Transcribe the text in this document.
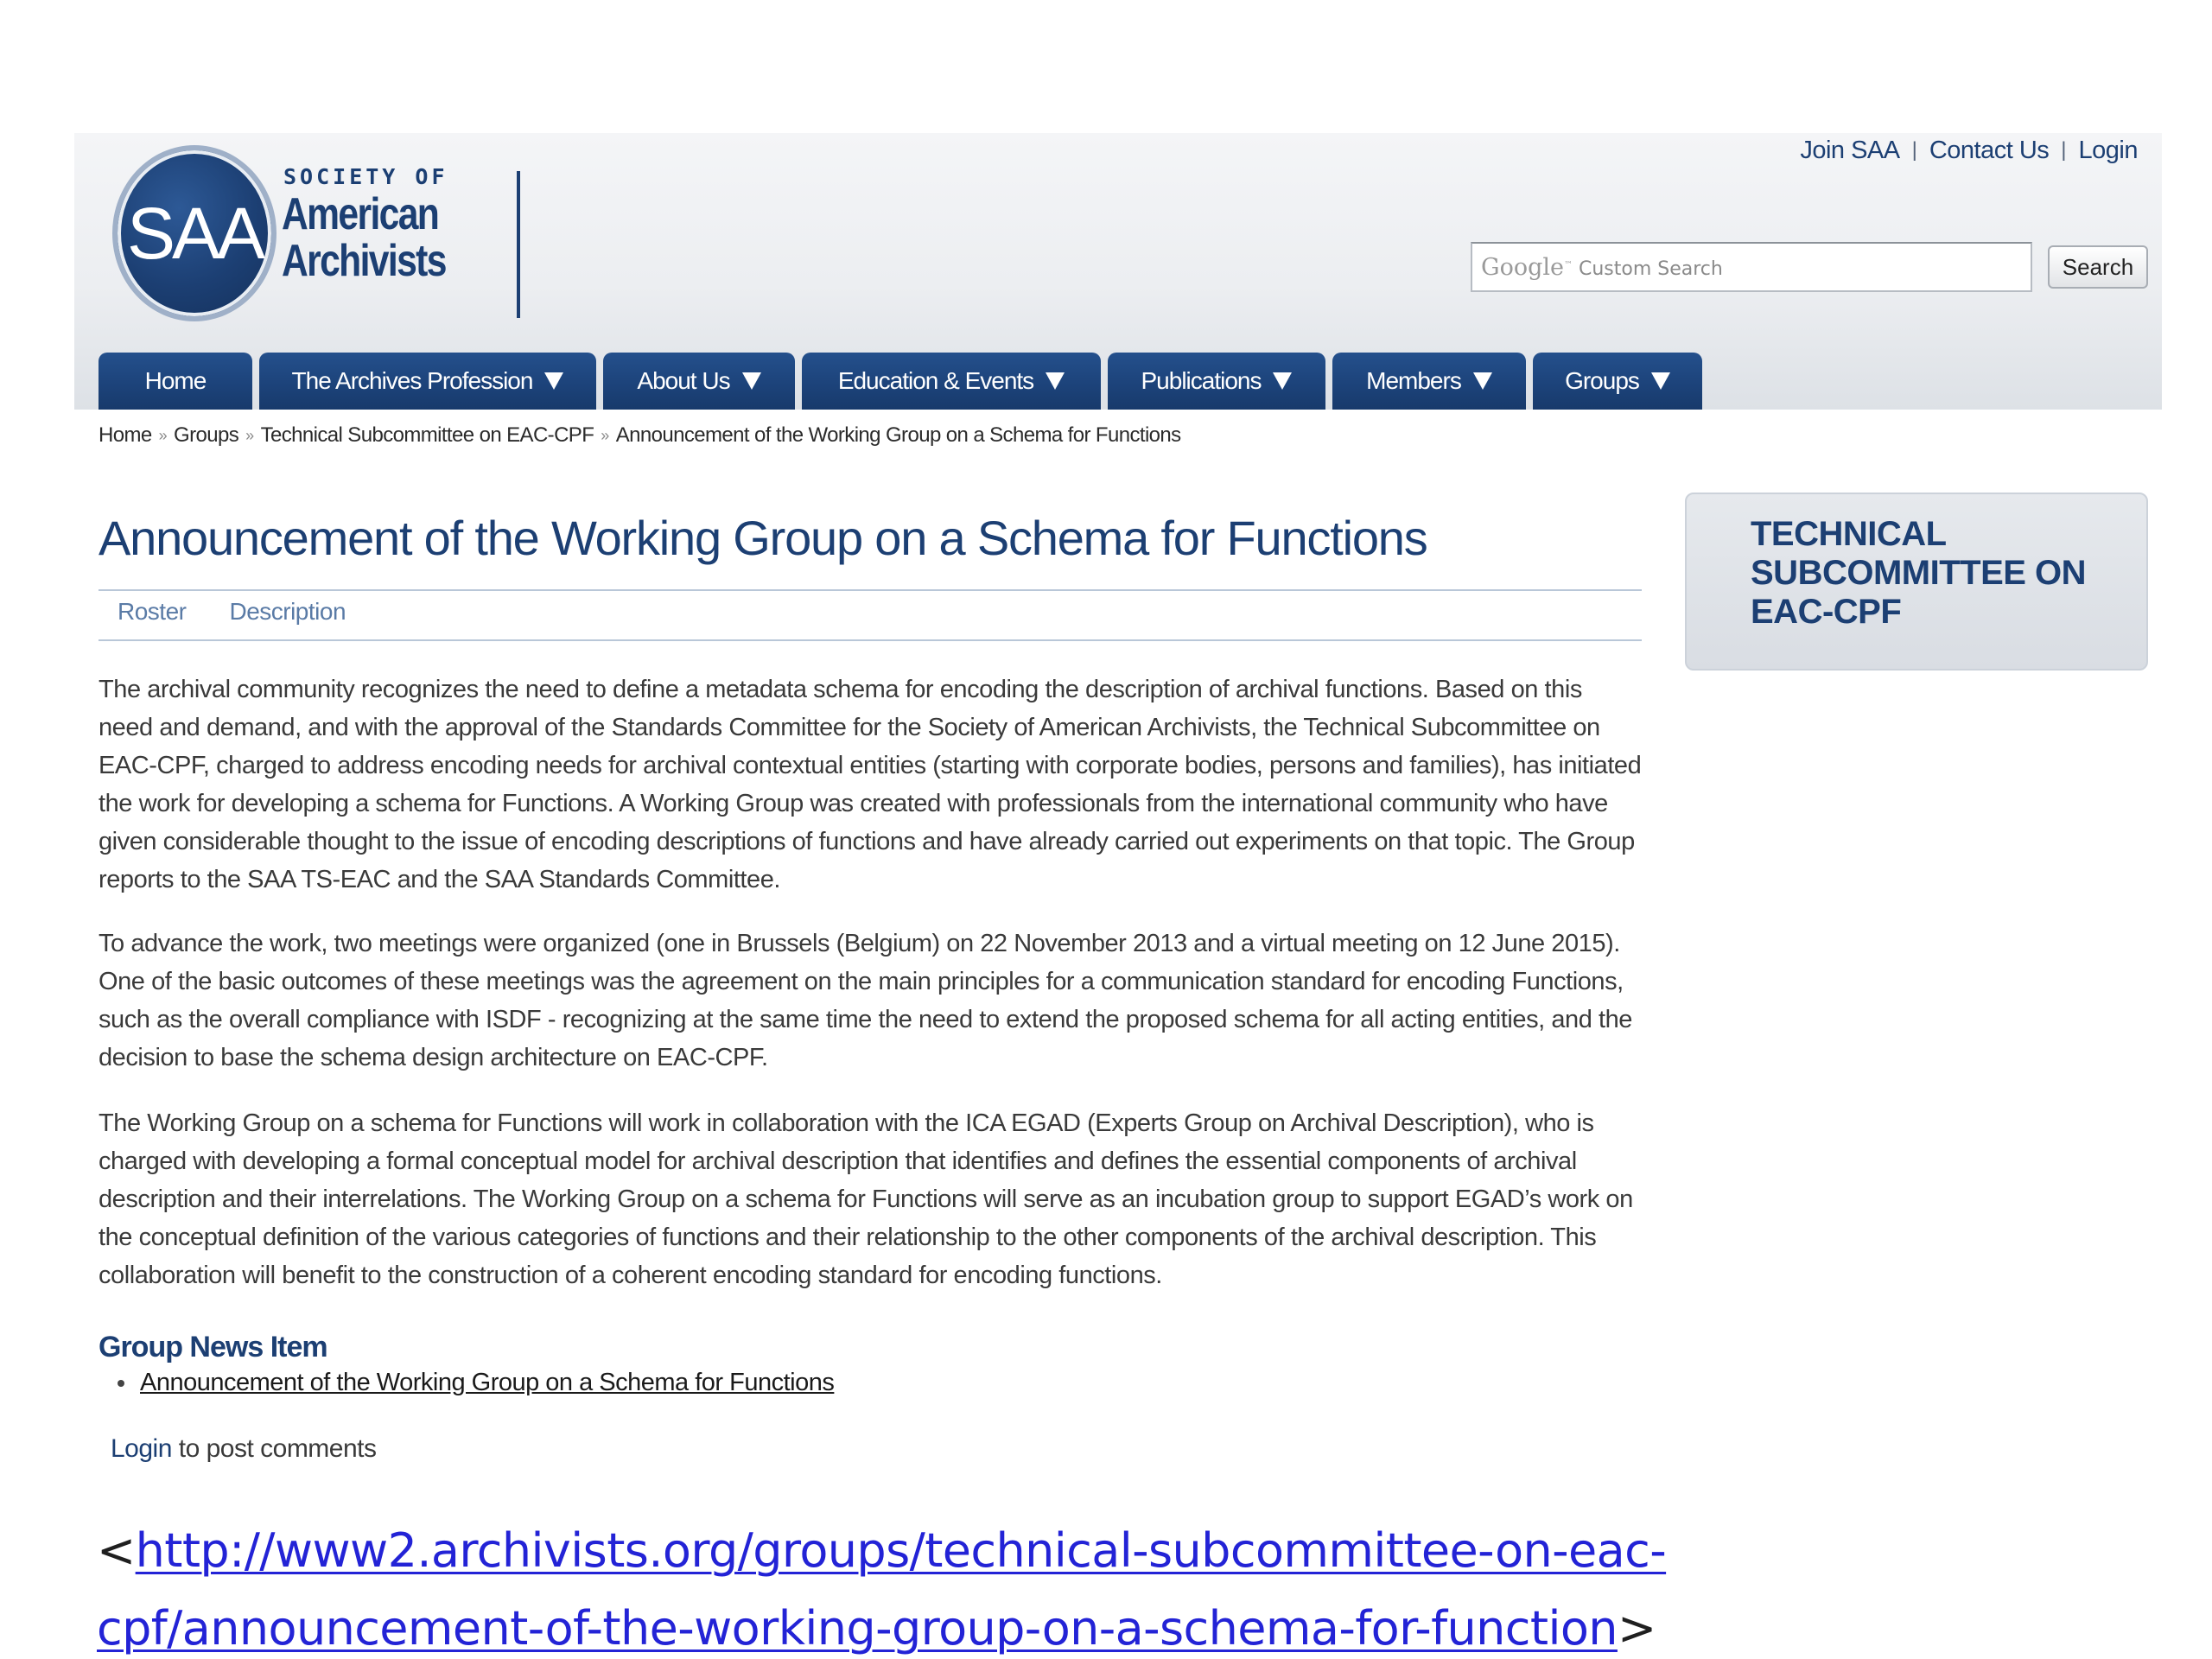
SAA
SOCIETY OF
American
Archivists
Join SAA | Contact Us | Login
Google™ Custom Search	Search
Home	The Archives Profession	About Us	Education & Events	Publications	Members	Groups
Home » Groups » Technical Subcommittee on EAC-CPF » Announcement of the Working Group on a Schema for Functions
Announcement of the Working Group on a Schema for Functions
Roster Description

The archival community recognizes the need to define a metadata schema for encoding the description of archival functions. Based on this need and demand, and with the approval of the Standards Committee for the Society of American Archivists, the Technical Subcommittee on EAC-CPF, charged to address encoding needs for archival contextual entities (starting with corporate bodies, persons and families), has initiated the work for developing a schema for Functions. A Working Group was created with professionals from the international community who have given considerable thought to the issue of encoding descriptions of functions and have already carried out experiments on that topic. The Group reports to the SAA TS-EAC and the SAA Standards Committee.

To advance the work, two meetings were organized (one in Brussels (Belgium) on 22 November 2013 and a virtual meeting on 12 June 2015). One of the basic outcomes of these meetings was the agreement on the main principles for a communication standard for encoding Functions, such as the overall compliance with ISDF - recognizing at the same time the need to extend the proposed schema for all acting entities, and the decision to base the schema design architecture on EAC-CPF.

The Working Group on a schema for Functions will work in collaboration with the ICA EGAD (Experts Group on Archival Description), who is charged with developing a formal conceptual model for archival description that identifies and defines the essential components of archival description and their interrelations. The Working Group on a schema for Functions will serve as an incubation group to support EGAD’s work on the conceptual definition of the various categories of functions and their relationship to the other components of the archival description. This collaboration will benefit to the construction of a coherent encoding standard for encoding functions.

Group News Item
Announcement of the Working Group on a Schema for Functions
Login to post comments
TECHNICAL SUBCOMMITTEE ON EAC-CPF
<http://www2.archivists.org/groups/technical-subcommittee-on-eac-
cpf/announcement-of-the-working-group-on-a-schema-for-function>
